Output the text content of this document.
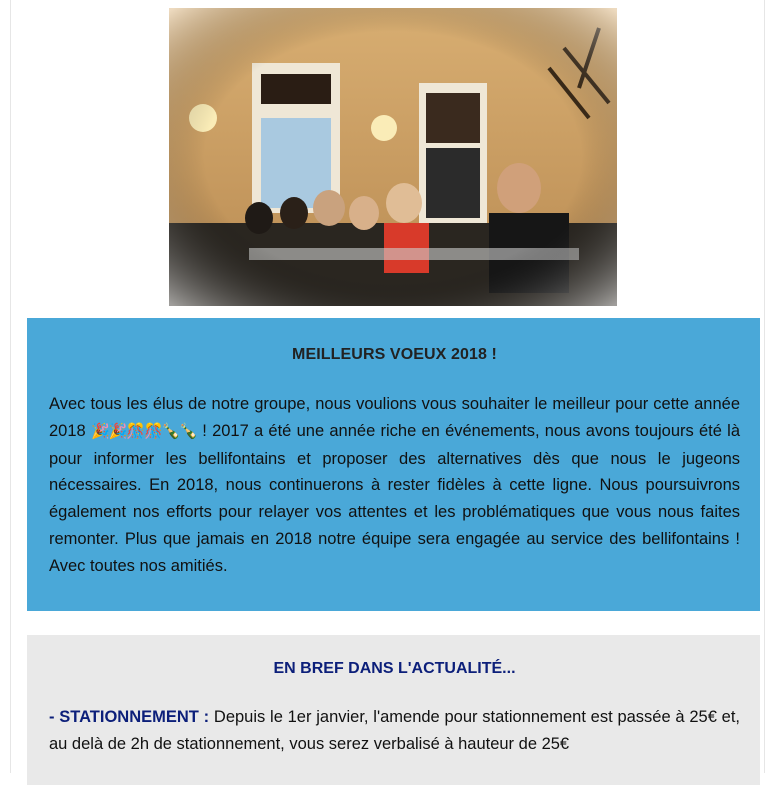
MEILLEURS VOEUX 2018 !
Avec tous les élus de notre groupe, nous voulions vous souhaiter le meilleur pour cette année 2018 🎉🎉🎊🎊🍾🍾 ! 2017 a été une année riche en événements, nous avons toujours été là pour informer les bellifontains et proposer des alternatives dès que nous le jugeons nécessaires. En 2018, nous continuerons à rester fidèles à cette ligne. Nous poursuivrons également nos efforts pour relayer vos attentes et les problématiques que vous nous faites remonter. Plus que jamais en 2018 notre équipe sera engagée au service des bellifontains ! Avec toutes nos amitiés.
EN BREF DANS L'ACTUALITÉ...
- STATIONNEMENT : Depuis le 1er janvier, l'amende pour stationnement est passée à 25€ et, au delà de 2h de stationnement, vous serez verbalisé à hauteur de 25€
